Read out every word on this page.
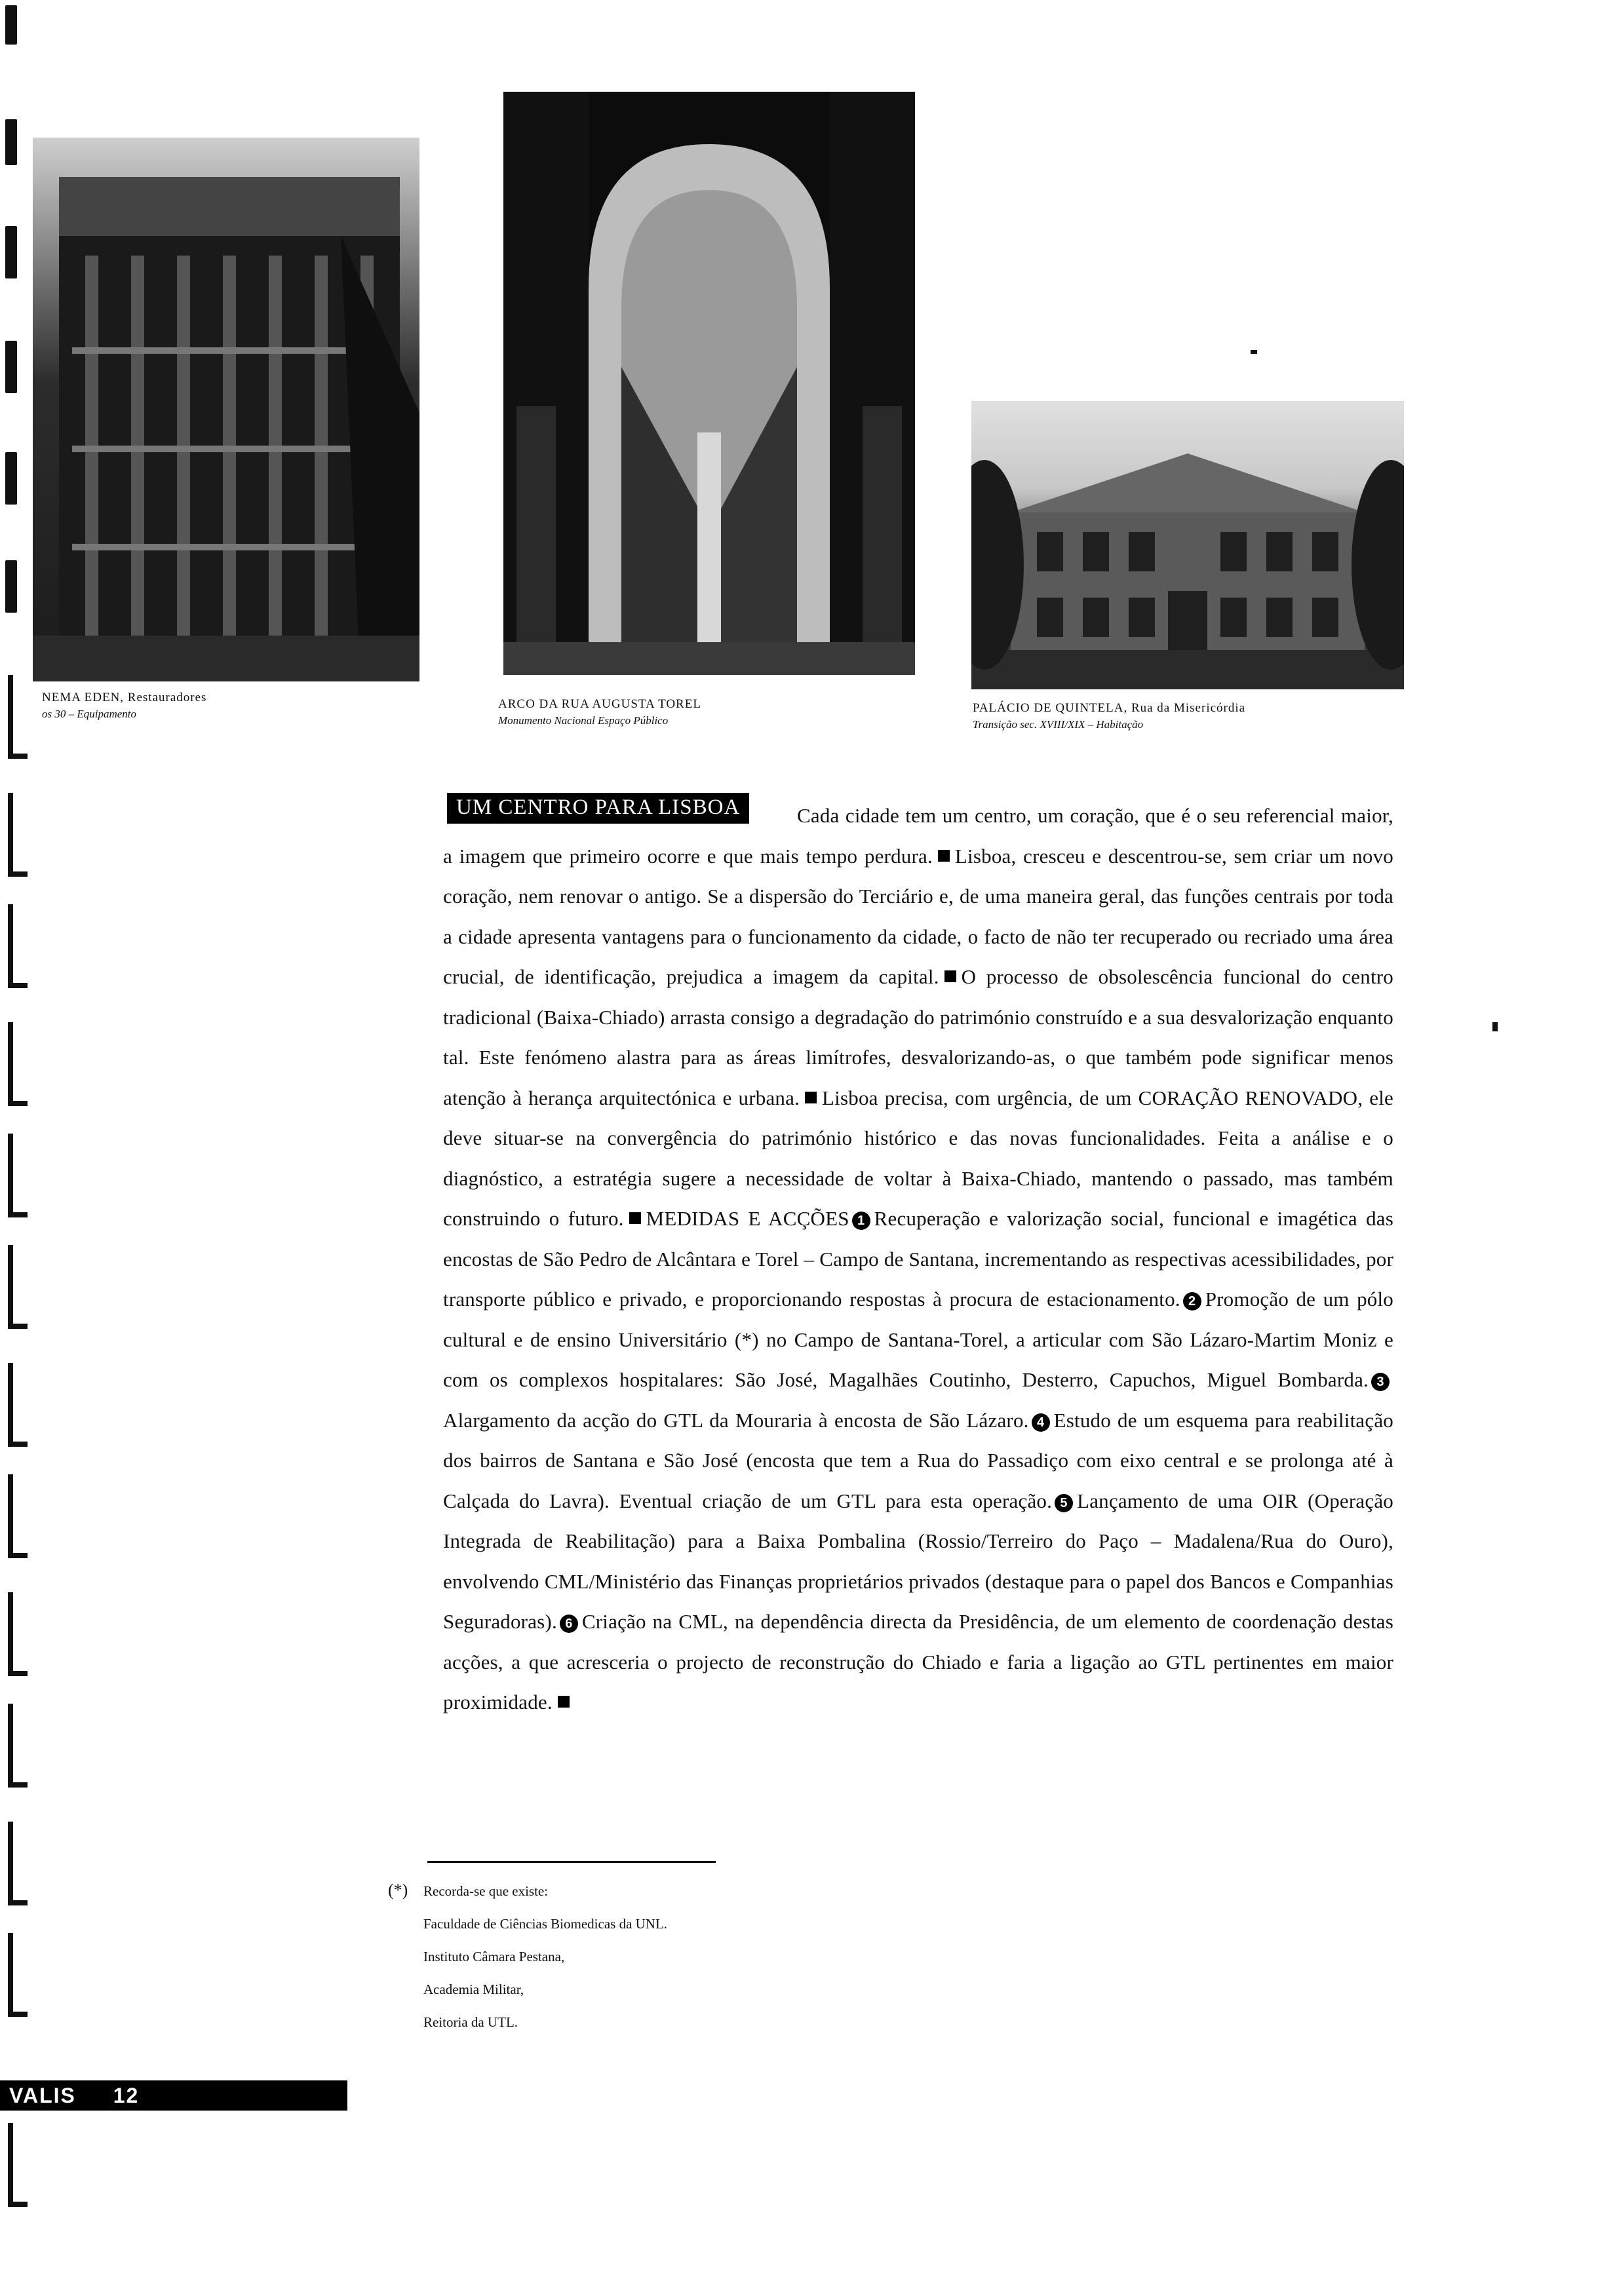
NEMA EDEN, Restauradores
os 30 – Equipamento
ARCO DA RUA AUGUSTA TOREL
Monumento Nacional Espaço Público
PALÁCIO DE QUINTELA, Rua da Misericórdia
Transição sec. XVIII/XIX – Habitação
UM CENTRO PARA LISBOA	Cada cidade tem um centro, um coração, que é o seu referencial maior, a imagem que primeiro ocorre e que mais tempo perdura. Lisboa, cresceu e descentrou-se, sem criar um novo coração, nem renovar o antigo. Se a dispersão do Terciário e, de uma maneira geral, das funções centrais por toda a cidade apresenta vantagens para o funcionamento da cidade, o facto de não ter recuperado ou recriado uma área crucial, de identificação, prejudica a imagem da capital. O processo de obsolescência funcional do centro tradicional (Baixa-Chiado) arrasta consigo a degradação do património construído e a sua desvalorização enquanto tal. Este fenómeno alastra para as áreas limítrofes, desvalorizando-as, o que também pode significar menos atenção à herança arquitectónica e urbana. Lisboa precisa, com urgência, de um CORAÇÃO RENOVADO, ele deve situar-se na convergência do património histórico e das novas funcionalidades. Feita a análise e o diagnóstico, a estratégia sugere a necessidade de voltar à Baixa-Chiado, mantendo o passado, mas também construindo o futuro. MEDIDAS E ACÇÕES 1 Recuperação e valorização social, funcional e imagética das encostas de São Pedro de Alcântara e Torel – Campo de Santana, incrementando as respectivas acessibilidades, por transporte público e privado, e proporcionando respostas à procura de estacionamento. 2 Promoção de um pólo cultural e de ensino Universitário (*) no Campo de Santana-Torel, a articular com São Lázaro-Martim Moniz e com os complexos hospitalares: São José, Magalhães Coutinho, Desterro, Capuchos, Miguel Bombarda. 3Alargamento da acção do GTL da Mouraria à encosta de São Lázaro. 4 Estudo de um esquema para reabilitação dos bairros de Santana e São José (encosta que tem a Rua do Passadiço com eixo central e se prolonga até à Calçada do Lavra). Eventual criação de um GTL para esta operação. 5 Lançamento de uma OIR (Operação Integrada de Reabilitação) para a Baixa Pombalina (Rossio/Terreiro do Paço – Madalena/Rua do Ouro), envolvendo CML/Ministério das Finanças proprietários privados (destaque para o papel dos Bancos e Companhias Seguradoras). 6 Criação na CML, na dependência directa da Presidência, de um elemento de coordenação destas acções, a que acresceria o projecto de reconstrução do Chiado e faria a ligação ao GTL pertinentes em maior proximidade.
(*) Recorda-se que existe:
Faculdade de Ciências Biomedicas da UNL.
Instituto Câmara Pestana,
Academia Militar,
Reitoria da UTL.
VALIS 12
